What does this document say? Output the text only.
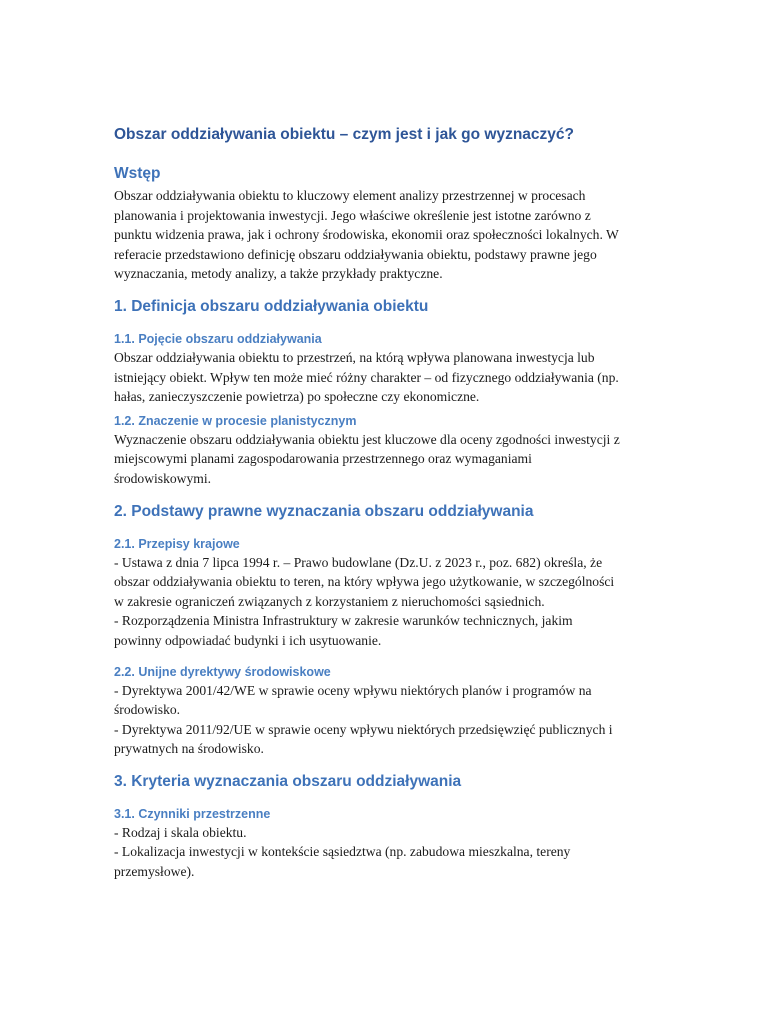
Obszar oddziaływania obiektu – czym jest i jak go wyznaczyć?
Wstęp

Obszar oddziaływania obiektu to kluczowy element analizy przestrzennej w procesach
planowania i projektowania inwestycji. Jego właściwe określenie jest istotne zarówno z
punktu widzenia prawa, jak i ochrony środowiska, ekonomii oraz społeczności lokalnych. W
referacie przedstawiono definicję obszaru oddziaływania obiektu, podstawy prawne jego
wyznaczania, metody analizy, a także przykłady praktyczne.

1. Definicja obszaru oddziaływania obiektu
1.1. Pojęcie obszaru oddziaływania

Obszar oddziaływania obiektu to przestrzeń, na którą wpływa planowana inwestycja lub
istniejący obiekt. Wpływ ten może mieć różny charakter – od fizycznego oddziaływania (np.
hałas, zanieczyszczenie powietrza) po społeczne czy ekonomiczne.

1.2. Znaczenie w procesie planistycznym

Wyznaczenie obszaru oddziaływania obiektu jest kluczowe dla oceny zgodności inwestycji z
miejscowymi planami zagospodarowania przestrzennego oraz wymaganiami
środowiskowymi.

2. Podstawy prawne wyznaczania obszaru oddziaływania
2.1. Przepisy krajowe

- Ustawa z dnia 7 lipca 1994 r. – Prawo budowlane (Dz.U. z 2023 r., poz. 682) określa, że
obszar oddziaływania obiektu to teren, na który wpływa jego użytkowanie, w szczególności
w zakresie ograniczeń związanych z korzystaniem z nieruchomości sąsiednich.
- Rozporządzenia Ministra Infrastruktury w zakresie warunków technicznych, jakim
powinny odpowiadać budynki i ich usytuowanie.

2.2. Unijne dyrektywy środowiskowe

- Dyrektywa 2001/42/WE w sprawie oceny wpływu niektórych planów i programów na
środowisko.
- Dyrektywa 2011/92/UE w sprawie oceny wpływu niektórych przedsięwzięć publicznych i
prywatnych na środowisko.

3. Kryteria wyznaczania obszaru oddziaływania
3.1. Czynniki przestrzenne

- Rodzaj i skala obiektu.
- Lokalizacja inwestycji w kontekście sąsiedztwa (np. zabudowa mieszkalna, tereny
przemysłowe).
